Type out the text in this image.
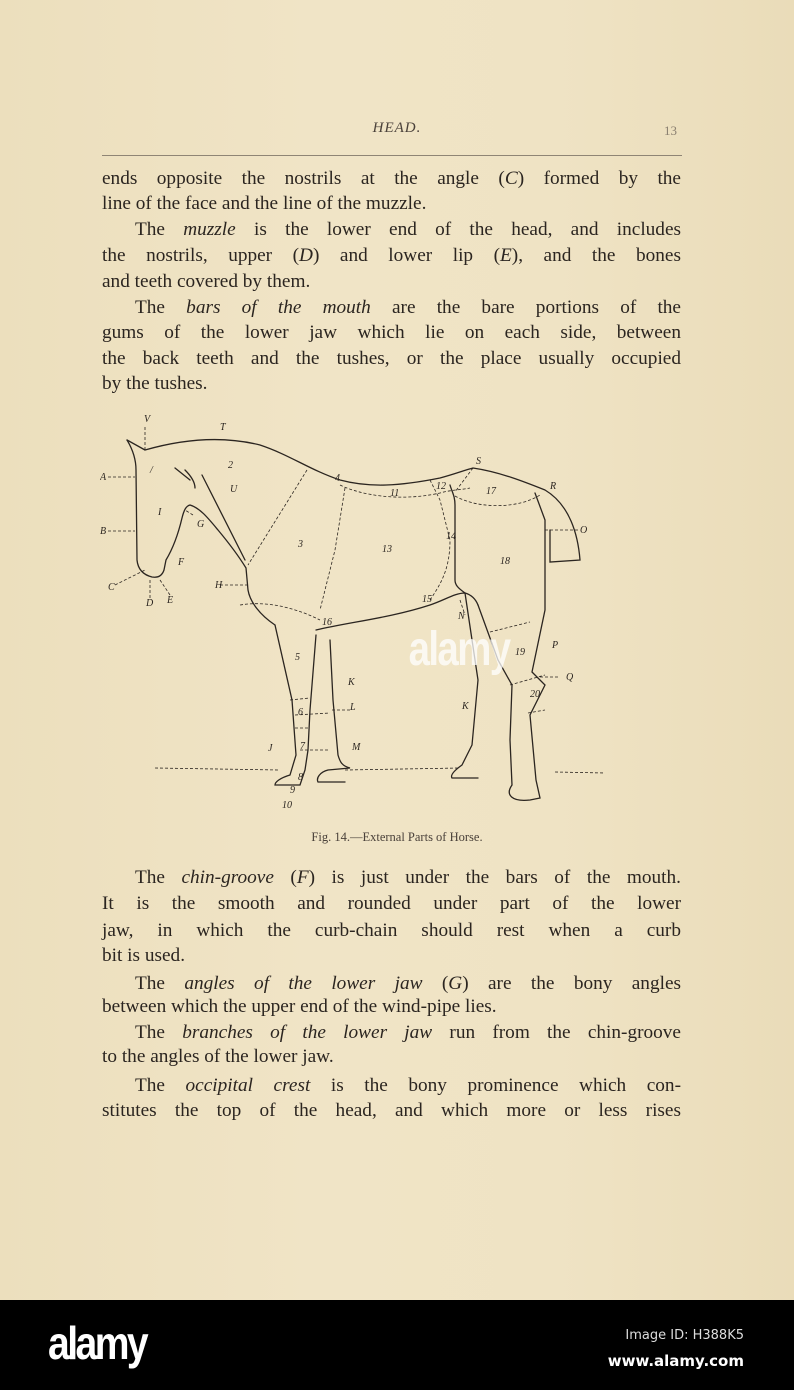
HEAD.	13
ends opposite the nostrils at the angle (C) formed by the
line of the face and the line of the muzzle.
The muzzle is the lower end of the head, and includes
the nostrils, upper (D) and lower lip (E), and the bones
and teeth covered by them.
The bars of the mouth are the bare portions of the
gums of the lower jaw which lie on each side, between
the back teeth and the tushes, or the place usually occupied
by the tushes.
V
T
2
U
A
/
I
G
B
F
C
D E
H
3
4
11
12	17	R
S
O
13
14
18
15
N
16
5
K
6
7
J	M
8
9
10
19
P
Q
20
K
L
Fig. 14.—External Parts of Horse.
alamy
The chin-groove (F) is just under the bars of the mouth.
It is the smooth and rounded under part of the lower
jaw, in which the curb-chain should rest when a curb
bit is used.
The angles of the lower jaw (G) are the bony angles
between which the upper end of the wind-pipe lies.
The branches of the lower jaw run from the chin-groove
to the angles of the lower jaw.
The occipital crest is the bony prominence which con-
stitutes the top of the head, and which more or less rises
alamy	Image ID: H388K5
www.alamy.com
